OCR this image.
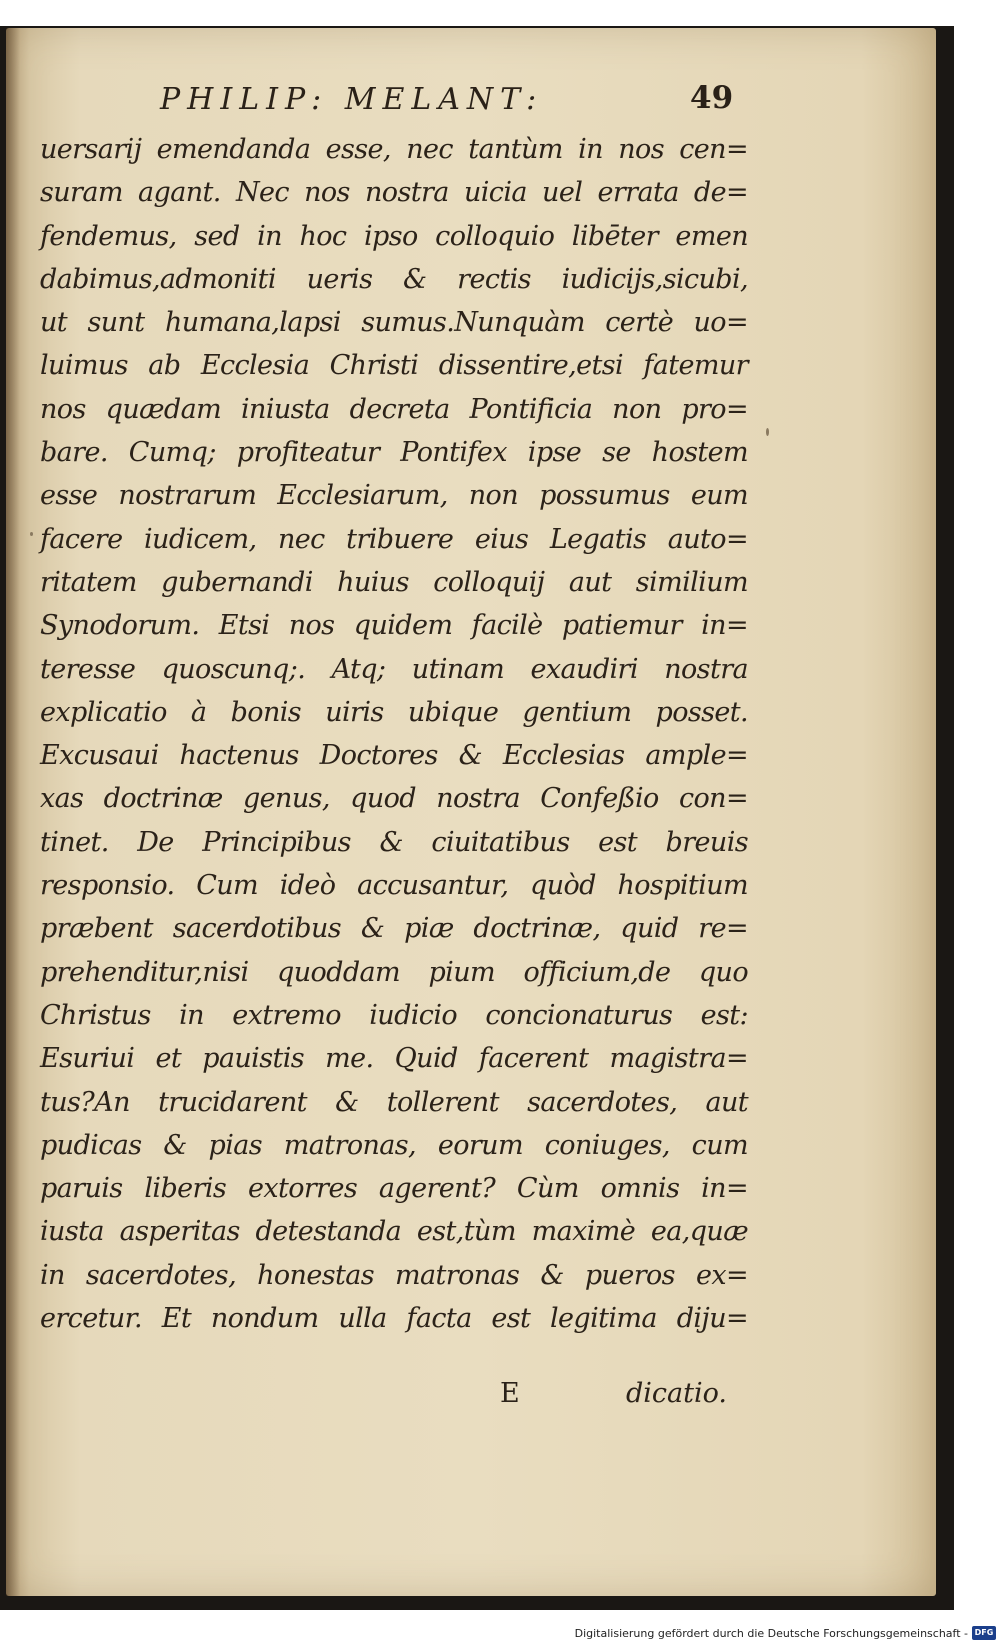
PHILIP: MELANT:	49
uersarij emendanda esse, nec tantùm in nos cen=
suram agant. Nec nos nostra uicia uel errata de=
fendemus, sed in hoc ipso colloquio libēter emen
dabimus,admoniti ueris & rectis iudicijs,sicubi,
ut sunt humana,lapsi sumus.Nunquàm certè uo=
luimus ab Ecclesia Christi dissentire,etsi fatemur
nos quædam iniusta decreta Pontificia non pro=
bare. Cumq; profiteatur Pontifex ipse se hostem
esse nostrarum Ecclesiarum, non possumus eum
facere iudicem, nec tribuere eius Legatis auto=
ritatem gubernandi huius colloquij aut similium
Synodorum. Etsi nos quidem facilè patiemur in=
teresse quoscunq;. Atq; utinam exaudiri nostra
explicatio à bonis uiris ubique gentium posset.
Excusaui hactenus Doctores & Ecclesias ample=
xas doctrinæ genus, quod nostra Confeßio con=
tinet. De Principibus & ciuitatibus est breuis
responsio. Cum ideò accusantur, quòd hospitium
præbent sacerdotibus & piæ doctrinæ, quid re=
prehenditur,nisi quoddam pium officium,de quo
Christus in extremo iudicio concionaturus est:
Esuriui et pauistis me. Quid facerent magistra=
tus?An trucidarent & tollerent sacerdotes, aut
pudicas & pias matronas, eorum coniuges, cum
paruis liberis extorres agerent? Cùm omnis in=
iusta asperitas detestanda est,tùm maximè ea,quæ
in sacerdotes, honestas matronas & pueros ex=
ercetur. Et nondum ulla facta est legitima diju=
E	dicatio.
Digitalisierung gefördert durch die Deutsche Forschungsgemeinschaft - DFG
